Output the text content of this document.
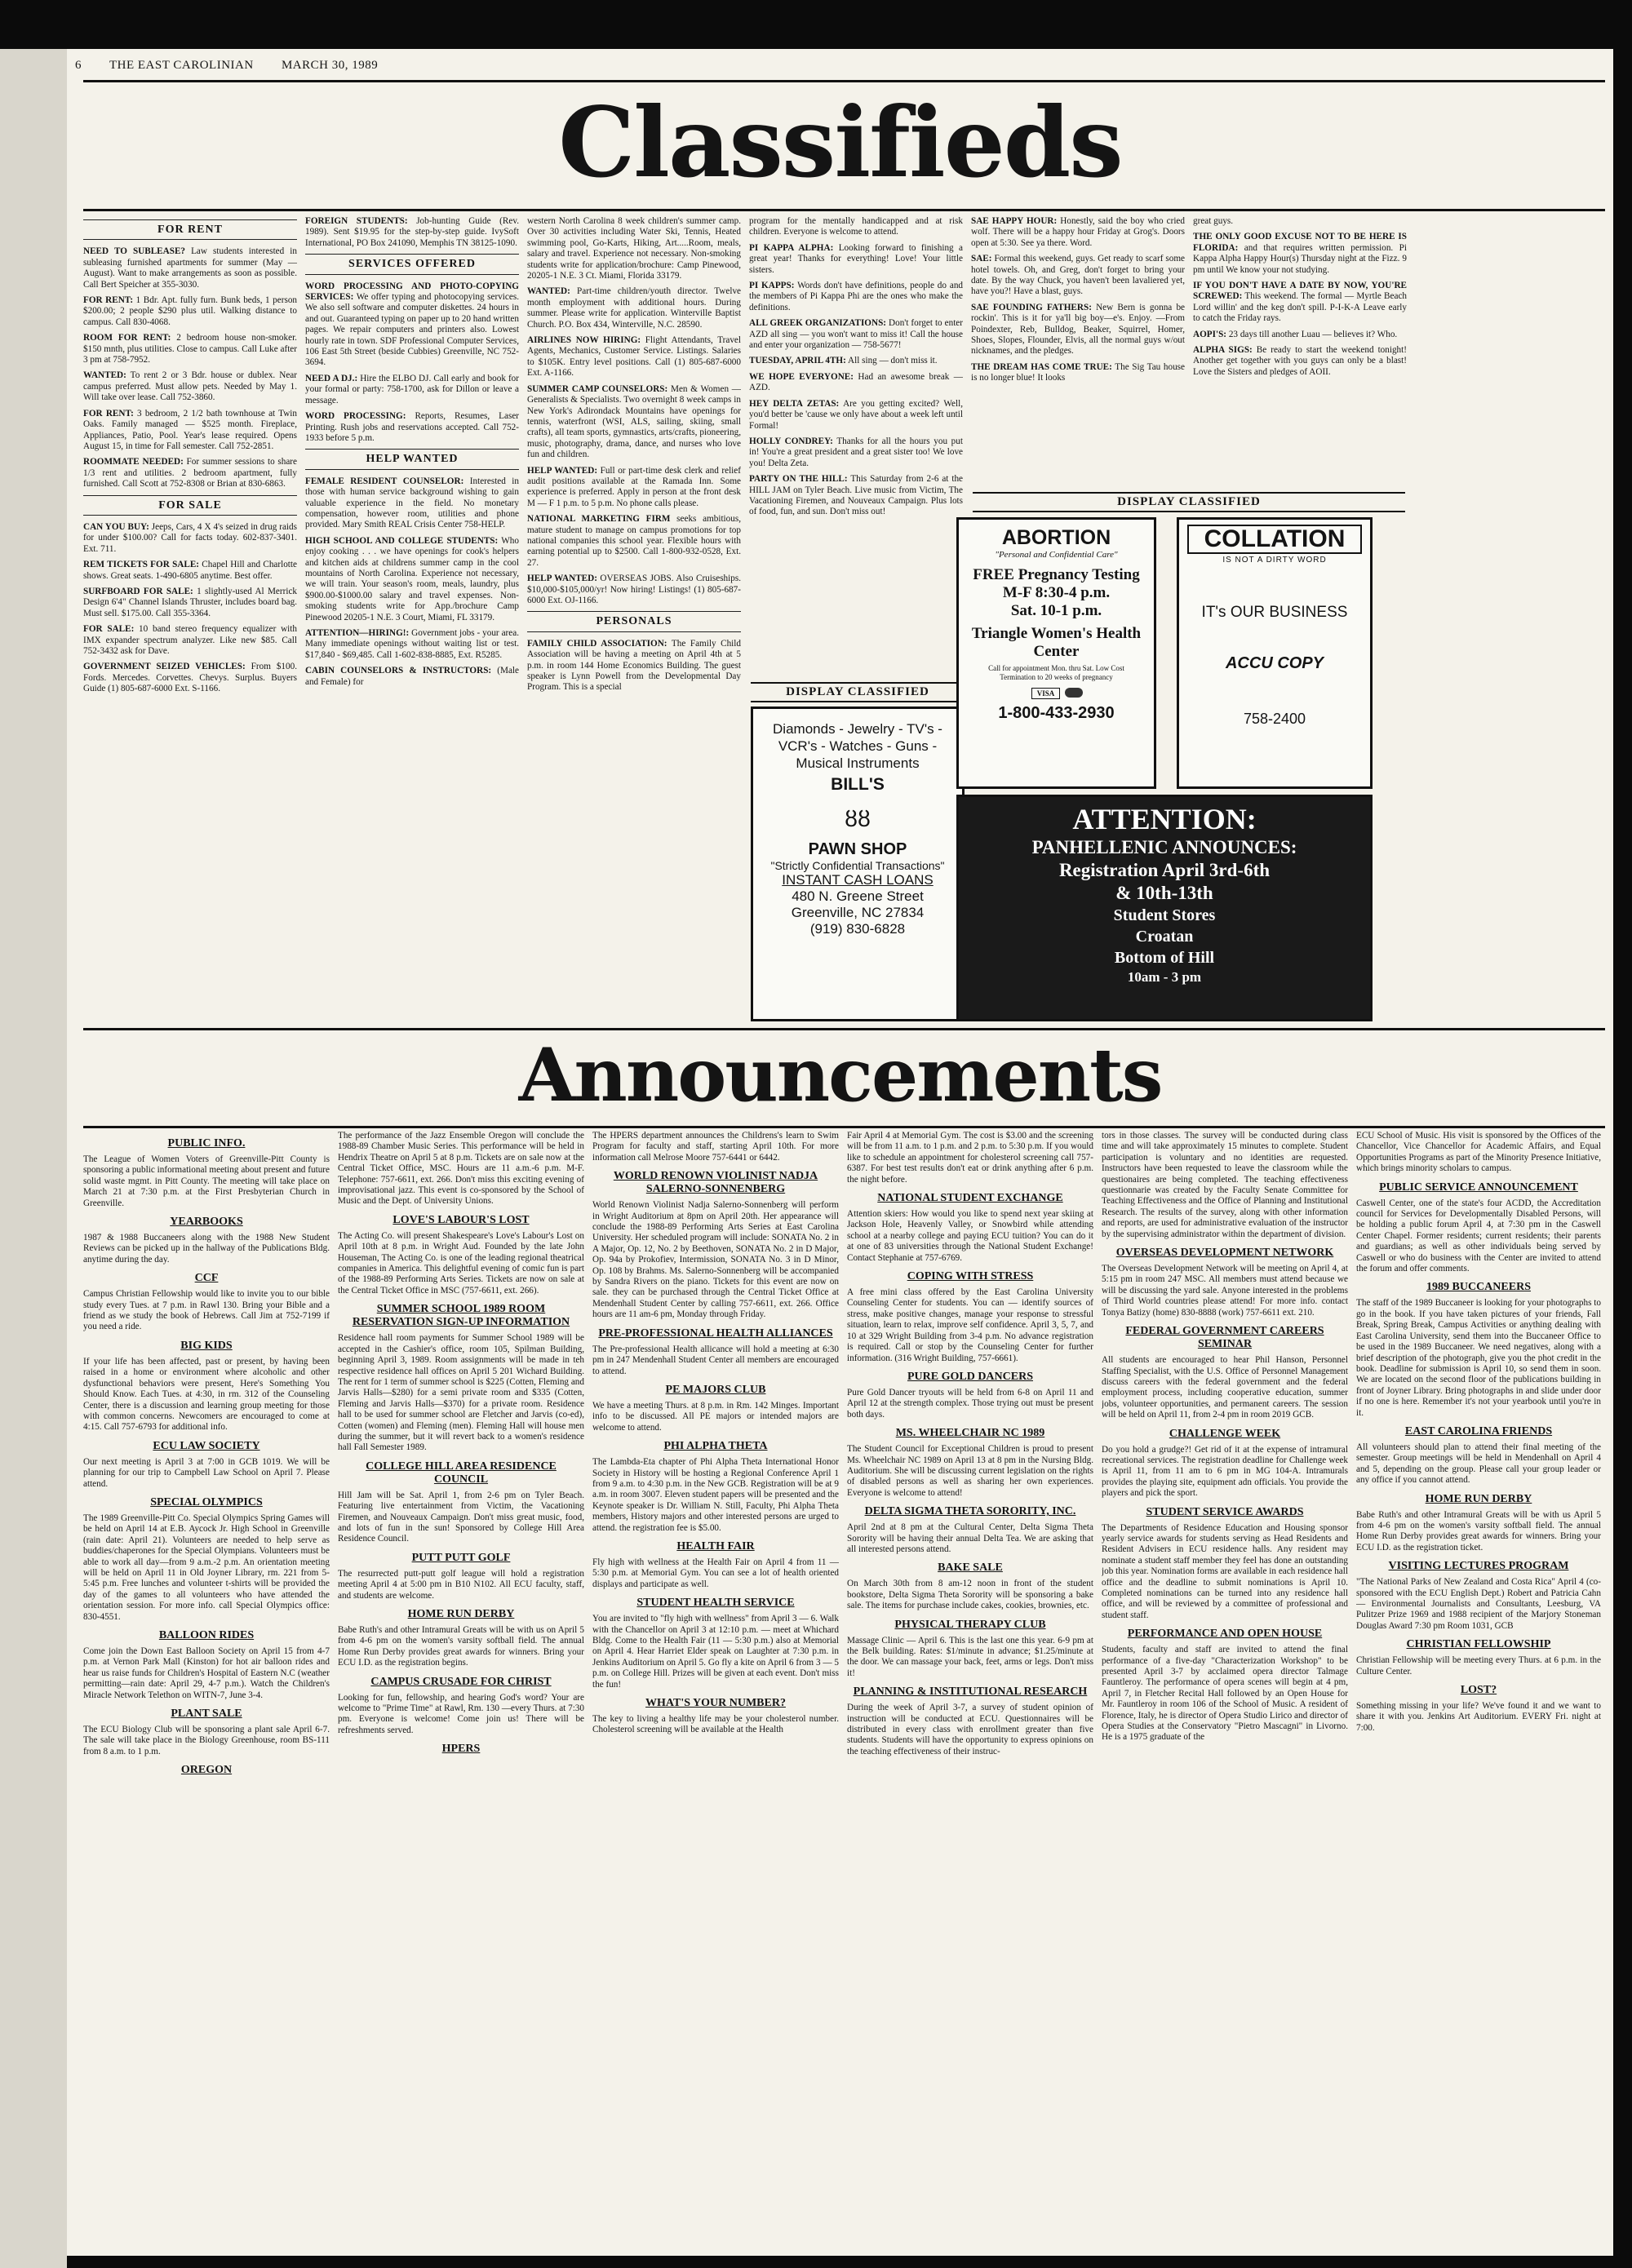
6 THE EAST CAROLINIAN MARCH 30, 1989
Classifieds
FOR RENT

NEED TO SUBLEASE? Law students interested in subleasing furnished apartments for summer (May — August). Want to make arrangements as soon as possible. Call Bert Speicher at 355-3030.

FOR RENT: 1 Bdr. Apt. fully furn. Bunk beds, 1 person $200.00; 2 people $290 plus util. Walking distance to campus. Call 830-4068.

ROOM FOR RENT: 2 bedroom house non-smoker. $150 mnth, plus utilities. Close to campus. Call Luke after 3 pm at 758-7952.

WANTED: To rent 2 or 3 Bdr. house or dublex. Near campus preferred. Must allow pets. Needed by May 1. Will take over lease. Call 752-3860.

FOR RENT: 3 bedroom, 2 1/2 bath townhouse at Twin Oaks. Family managed — $525 month. Fireplace, Appliances, Patio, Pool. Year's lease required. Opens August 15, in time for Fall semester. Call 752-2851.

ROOMMATE NEEDED: For summer sessions to share 1/3 rent and utilities. 2 bedroom apartment, fully furnished. Call Scott at 752-8308 or Brian at 830-6863.

FOR SALE

CAN YOU BUY: Jeeps, Cars, 4 X 4's seized in drug raids for under $100.00? Call for facts today. 602-837-3401. Ext. 711.

REM TICKETS FOR SALE: Chapel Hill and Charlotte shows. Great seats. 1-490-6805 anytime. Best offer.

SURFBOARD FOR SALE: 1 slightly-used Al Merrick Design 6'4" Channel Islands Thruster, includes board bag. Must sell. $175.00. Call 355-3364.

FOR SALE: 10 band stereo frequency equalizer with IMX expander spectrum analyzer. Like new $85. Call 752-3432 ask for Dave.

GOVERNMENT SEIZED VEHICLES: From $100. Fords. Mercedes. Corvettes. Chevys. Surplus. Buyers Guide (1) 805-687-6000 Ext. S-1166.

FOREIGN STUDENTS: Job-hunting Guide (Rev. 1989). Sent $19.95 for the step-by-step guide. IvySoft International, PO Box 241090, Memphis TN 38125-1090.

SERVICES OFFERED

WORD PROCESSING AND PHOTO-COPYING SERVICES: We offer typing and photocopying services. We also sell software and computer diskettes. 24 hours in and out. Guaranteed typing on paper up to 20 hand written pages. We repair computers and printers also. Lowest hourly rate in town. SDF Professional Computer Services, 106 East 5th Street (beside Cubbies) Greenville, NC 752-3694.

NEED A DJ.: Hire the ELBO DJ. Call early and book for your formal or party: 758-1700, ask for Dillon or leave a message.

WORD PROCESSING: Reports, Resumes, Laser Printing. Rush jobs and reservations accepted. Call 752-1933 before 5 p.m.

HELP WANTED

FEMALE RESIDENT COUNSELOR: Interested in those with human service background wishing to gain valuable experience in the field. No monetary compensation, however room, utilities and phone provided. Mary Smith REAL Crisis Center 758-HELP.

HIGH SCHOOL AND COLLEGE STUDENTS: Who enjoy cooking . . . we have openings for cook's helpers and kitchen aids at childrens summer camp in the cool mountains of North Carolina. Experience not necessary, we will train. Your season's room, meals, laundry, plus $900.00-$1000.00 salary and travel expenses. Non-smoking students write for App./brochure Camp Pinewood 20205-1 N.E. 3 Court, Miami, FL 33179.

ATTENTION—HIRING!: Government jobs - your area. Many immediate openings without waiting list or test. $17,840 - $69,485. Call 1-602-838-8885, Ext. R5285.

CABIN COUNSELORS & INSTRUCTORS: (Male and Female) for

western North Carolina 8 week children's summer camp. Over 30 activities including Water Ski, Tennis, Heated swimming pool, Go-Karts, Hiking, Art.....Room, meals, salary and travel. Experience not necessary. Non-smoking students write for application/brochure: Camp Pinewood, 20205-1 N.E. 3 Ct. Miami, Florida 33179.

WANTED: Part-time children/youth director. Twelve month employment with additional hours. During summer. Please write for application. Winterville Baptist Church. P.O. Box 434, Winterville, N.C. 28590.

AIRLINES NOW HIRING: Flight Attendants, Travel Agents, Mechanics, Customer Service. Listings. Salaries to $105K. Entry level positions. Call (1) 805-687-6000 Ext. A-1166.

SUMMER CAMP COUNSELORS: Men & Women — Generalists & Specialists. Two overnight 8 week camps in New York's Adirondack Mountains have openings for tennis, waterfront (WSI, ALS, sailing, skiing, small crafts), all team sports, gymnastics, arts/crafts, pioneering, music, photography, drama, dance, and nurses who love fun and children.

HELP WANTED: Full or part-time desk clerk and relief audit positions available at the Ramada Inn. Some experience is preferred. Apply in person at the front desk M — F 1 p.m. to 5 p.m. No phone calls please.

NATIONAL MARKETING FIRM seeks ambitious, mature student to manage on campus promotions for top national companies this school year. Flexible hours with earning potential up to $2500. Call 1-800-932-0528, Ext. 27.

HELP WANTED: OVERSEAS JOBS. Also Cruiseships. $10,000-$105,000/yr! Now hiring! Listings! (1) 805-687-6000 Ext. OJ-1166.

PERSONALS

FAMILY CHILD ASSOCIATION: The Family Child Association will be having a meeting on April 4th at 5 p.m. in room 144 Home Economics Building. The guest speaker is Lynn Powell from the Developmental Day Program. This is a special

program for the mentally handicapped and at risk children. Everyone is welcome to attend.

PI KAPPA ALPHA: Looking forward to finishing a great year! Thanks for everything! Love! Your little sisters.

PI KAPPS: Words don't have definitions, people do and the members of Pi Kappa Phi are the ones who make the definitions.

ALL GREEK ORGANIZATIONS: Don't forget to enter AZD all sing — you won't want to miss it! Call the house and enter your organization — 758-5677!

TUESDAY, APRIL 4TH: All sing — don't miss it.

WE HOPE EVERYONE: Had an awesome break — AZD.

HEY DELTA ZETAS: Are you getting excited? Well, you'd better be 'cause we only have about a week left until Formal!

HOLLY CONDREY: Thanks for all the hours you put in! You're a great president and a great sister too! We love you! Delta Zeta.

PARTY ON THE HILL: This Saturday from 2-6 at the HILL JAM on Tyler Beach. Live music from Victim, The Vacationing Firemen, and Nouveaux Campaign. Plus lots of food, fun, and sun. Don't miss out!

SAE HAPPY HOUR: Honestly, said the boy who cried wolf. There will be a happy hour Friday at Grog's. Doors open at 5:30. See ya there. Word.

SAE: Formal this weekend, guys. Get ready to scarf some hotel towels. Oh, and Greg, don't forget to bring your date. By the way Chuck, you haven't been lavaliered yet, have you?! Have a blast, guys.

SAE FOUNDING FATHERS: New Bern is gonna be rockin'. This is it for ya'll big boy—e's. Enjoy. —From Poindexter, Reb, Bulldog, Beaker, Squirrel, Homer, Shoes, Slopes, Flounder, Elvis, all the normal guys w/out nicknames, and the pledges.

THE DREAM HAS COME TRUE: The Sig Tau house is no longer blue! It looks

great guys.

THE ONLY GOOD EXCUSE NOT TO BE HERE IS FLORIDA: and that requires written permission. Pi Kappa Alpha Happy Hour(s) Thursday night at the Fizz. 9 pm until We know your not studying.

IF YOU DON'T HAVE A DATE BY NOW, YOU'RE SCREWED: This weekend. The formal — Myrtle Beach Lord willin' and the keg don't spill. P-I-K-A Leave early to catch the Friday rays.

AOPI'S: 23 days till another Luau — believes it? Who.

ALPHA SIGS: Be ready to start the weekend tonight! Another get together with you guys can only be a blast! Love the Sisters and pledges of AOII.

DISPLAY CLASSIFIED
DISPLAY CLASSIFIED
Diamonds - Jewelry - TV's -
VCR's - Watches - Guns -
Musical Instruments
BILL'S
ȣȣ
PAWN SHOP
"Strictly Confidential Transactions"
INSTANT CASH LOANS
480 N. Greene Street
Greenville, NC 27834
(919) 830-6828
ABORTION
"Personal and Confidential Care"
FREE Pregnancy Testing
M-F 8:30-4 p.m.
Sat. 10-1 p.m.
Triangle Women's Health Center
Call for appointment Mon. thru Sat. Low Cost Termination to 20 weeks of pregnancy
VISA
1-800-433-2930
COLLATION
IS NOT A DIRTY WORD
IT's OUR BUSINESS
ACCU COPY
758-2400
ATTENTION:
PANHELLENIC ANNOUNCES:
Registration April 3rd-6th
& 10th-13th
Student Stores
Croatan
Bottom of Hill
10am - 3 pm
Announcements
PUBLIC INFO.

The League of Women Voters of Greenville-Pitt County is sponsoring a public informational meeting about present and future solid waste mgmt. in Pitt County. The meeting will take place on March 21 at 7:30 p.m. at the First Presbyterian Church in Greenville.

YEARBOOKS

1987 & 1988 Buccaneers along with the 1988 New Student Reviews can be picked up in the hallway of the Publications Bldg. anytime during the day.

CCF

Campus Christian Fellowship would like to invite you to our bible study every Tues. at 7 p.m. in Rawl 130. Bring your Bible and a friend as we study the book of Hebrews. Call Jim at 752-7199 if you need a ride.

BIG KIDS

If your life has been affected, past or present, by having been raised in a home or environment where alcoholic and other dysfunctional behaviors were present, Here's Something You Should Know. Each Tues. at 4:30, in rm. 312 of the Counseling Center, there is a discussion and learning group meeting for those with common concerns. Newcomers are encouraged to come at 4:15. Call 757-6793 for additional info.

ECU LAW SOCIETY

Our next meeting is April 3 at 7:00 in GCB 1019. We will be planning for our trip to Campbell Law School on April 7. Please attend.

SPECIAL OLYMPICS

The 1989 Greenville-Pitt Co. Special Olympics Spring Games will be held on April 14 at E.B. Aycock Jr. High School in Greenville (rain date: April 21). Volunteers are needed to help serve as buddies/chaperones for the Special Olympians. Volunteers must be able to work all day—from 9 a.m.-2 p.m. An orientation meeting will be held on April 11 in Old Joyner Library, rm. 221 from 5-5:45 p.m. Free lunches and volunteer t-shirts will be provided the day of the games to all volunteers who have attended the orientation session. For more info. call Special Olympics office: 830-4551.

BALLOON RIDES

Come join the Down East Balloon Society on April 15 from 4-7 p.m. at Vernon Park Mall (Kinston) for hot air balloon rides and hear us raise funds for Children's Hospital of Eastern N.C (weather permitting—rain date: April 29, 4-7 p.m.). Watch the Children's Miracle Network Telethon on WITN-7, June 3-4.

PLANT SALE

The ECU Biology Club will be sponsoring a plant sale April 6-7. The sale will take place in the Biology Greenhouse, room BS-111 from 8 a.m. to 1 p.m.

OREGON

The performance of the Jazz Ensemble Oregon will conclude the 1988-89 Chamber Music Series. This performance will be held in Hendrix Theatre on April 5 at 8 p.m. Tickets are on sale now at the Central Ticket Office, MSC. Hours are 11 a.m.-6 p.m. M-F. Telephone: 757-6611, ext. 266. Don't miss this exciting evening of improvisational jazz. This event is co-sponsored by the School of Music and the Dept. of University Unions.

LOVE'S LABOUR'S LOST

The Acting Co. will present Shakespeare's Love's Labour's Lost on April 10th at 8 p.m. in Wright Aud. Founded by the late John Houseman, The Acting Co. is one of the leading regional theatrical companies in America. This delightful evening of comic fun is part of the 1988-89 Performing Arts Series. Tickets are now on sale at the Central Ticket Office in MSC (757-6611, ext. 266).

SUMMER SCHOOL 1989 ROOM RESERVATION SIGN-UP INFORMATION

Residence hall room payments for Summer School 1989 will be accepted in the Cashier's office, room 105, Spilman Building, beginning April 3, 1989. Room assignments will be made in teh respective residence hall offices on April 5 201 Wichard Building. The rent for 1 term of summer school is $225 (Cotten, Fleming and Jarvis Halls—$280) for a semi private room and $335 (Cotten, Fleming and Jarvis Halls—$370) for a private room. Residence hall to be used for summer school are Fletcher and Jarvis (co-ed), Cotten (women) and Fleming (men). Fleming Hall will house men during the summer, but it will revert back to a women's residence hall Fall Semester 1989.

COLLEGE HILL AREA RESIDENCE COUNCIL

Hill Jam will be Sat. April 1, from 2-6 pm on Tyler Beach. Featuring live entertainment from Victim, the Vacationing Firemen, and Nouveaux Campaign. Don't miss great music, food, and lots of fun in the sun! Sponsored by College Hill Area Residence Council.

PUTT PUTT GOLF

The resurrected putt-putt golf league will hold a registration meeting April 4 at 5:00 pm in B10 N102. All ECU faculty, staff, and students are welcome.

HOME RUN DERBY

Babe Ruth's and other Intramural Greats will be with us on April 5 from 4-6 pm on the women's varsity softball field. The annual Home Run Derby provides great awards for winners. Bring your ECU I.D. as the registration begins.

CAMPUS CRUSADE FOR CHRIST

Looking for fun, fellowship, and hearing God's word? Your are welcome to "Prime Time" at Rawl, Rm. 130 —every Thurs. at 7:30 pm. Everyone is welcome! Come join us! There will be refreshments served.

HPERS

The HPERS department announces the Childrens's learn to Swim Program for faculty and staff, starting April 10th. For more information call Melrose Moore 757-6441 or 6442.

WORLD RENOWN VIOLINIST NADJA SALERNO-SONNENBERG

World Renown Violinist Nadja Salerno-Sonnenberg will perform in Wright Auditorium at 8pm on April 20th. Her appearance will conclude the 1988-89 Performing Arts Series at East Carolina University. Her scheduled program will include: SONATA No. 2 in A Major, Op. 12, No. 2 by Beethoven, SONATA No. 2 in D Major, Op. 94a by Prokofiev, Intermission, SONATA No. 3 in D Minor, Op. 108 by Brahms. Ms. Salerno-Sonnenberg will be accompanied by Sandra Rivers on the piano. Tickets for this event are now on sale. they can be purchased through the Central Ticket Office at Mendenhall Student Center by calling 757-6611, ext. 266. Office hours are 11 am-6 pm, Monday through Friday.

PRE-PROFESSIONAL HEALTH ALLIANCES

The Pre-professional Health allicance will hold a meeting at 6:30 pm in 247 Mendenhall Student Center all members are encouraged to attend.

PE MAJORS CLUB

We have a meeting Thurs. at 8 p.m. in Rm. 142 Minges. Important info to be discussed. All PE majors or intended majors are welcome to attend.

PHI ALPHA THETA

The Lambda-Eta chapter of Phi Alpha Theta International Honor Society in History will be hosting a Regional Conference April 1 from 9 a.m. to 4:30 p.m. in the New GCB. Registration will be at 9 a.m. in room 3007. Eleven student papers will be presented and the Keynote speaker is Dr. William N. Still, Faculty, Phi Alpha Theta members, History majors and other interested persons are urged to attend. the registration fee is $5.00.

HEALTH FAIR

Fly high with wellness at the Health Fair on April 4 from 11 — 5:30 p.m. at Memorial Gym. You can see a lot of health oriented displays and participate as well.

STUDENT HEALTH SERVICE

You are invited to "fly high with wellness" from April 3 — 6. Walk with the Chancellor on April 3 at 12:10 p.m. — meet at Whichard Bldg. Come to the Health Fair (11 — 5:30 p.m.) also at Memorial on April 4. Hear Harriet Elder speak on Laughter at 7:30 p.m. in Jenkins Auditorium on April 5. Go fly a kite on April 6 from 3 — 5 p.m. on College Hill. Prizes will be given at each event. Don't miss the fun!

WHAT'S YOUR NUMBER?

The key to living a healthy life may be your cholesterol number. Cholesterol screening will be available at the Health

Fair April 4 at Memorial Gym. The cost is $3.00 and the screening will be from 11 a.m. to 1 p.m. and 2 p.m. to 5:30 p.m. If you would like to schedule an appointment for cholesterol screening call 757-6387. For best test results don't eat or drink anything after 6 p.m. the night before.

NATIONAL STUDENT EXCHANGE

Attention skiers: How would you like to spend next year skiing at Jackson Hole, Heavenly Valley, or Snowbird while attending school at a nearby college and paying ECU tuition? You can do it at one of 83 universities through the National Student Exchange! Contact Stephanie at 757-6769.

COPING WITH STRESS

A free mini class offered by the East Carolina University Counseling Center for students. You can — identify sources of stress, make positive changes, manage your response to stressful situation, learn to relax, improve self confidence. April 3, 5, 7, and 10 at 329 Wright Building from 3-4 p.m. No advance registration is required. Call or stop by the Counseling Center for further information. (316 Wright Building, 757-6661).

PURE GOLD DANCERS

Pure Gold Dancer tryouts will be held from 6-8 on April 11 and April 12 at the strength complex. Those trying out must be present both days.

MS. WHEELCHAIR NC 1989

The Student Council for Exceptional Children is proud to present Ms. Wheelchair NC 1989 on April 13 at 8 pm in the Nursing Bldg. Auditorium. She will be discussing current legislation on the rights of disabled persons as well as sharing her own experiences. Everyone is welcome to attend!

DELTA SIGMA THETA SORORITY, INC.

April 2nd at 8 pm at the Cultural Center, Delta Sigma Theta Sorority will be having their annual Delta Tea. We are asking that all interested persons attend.

BAKE SALE

On March 30th from 8 am-12 noon in front of the student bookstore, Delta Sigma Theta Sorority will be sponsoring a bake sale. The items for purchase include cakes, cookies, brownies, etc.

PHYSICAL THERAPY CLUB

Massage Clinic — April 6. This is the last one this year. 6-9 pm at the Belk building. Rates: $1/minute in advance; $1.25/minute at the door. We can massage your back, feet, arms or legs. Don't miss it!

PLANNING & INSTITUTIONAL RESEARCH

During the week of April 3-7, a survey of student opinion of instruction will be conducted at ECU. Questionnaires will be distributed in every class with enrollment greater than five students. Students will have the opportunity to express opinions on the teaching effectiveness of their instruc-

tors in those classes. The survey will be conducted during class time and will take approximately 15 minutes to complete. Student participation is voluntary and no identities are requested. Instructors have been requested to leave the classroom while the questionaires are being completed. The teaching effectiveness questionnarie was created by the Faculty Senate Committee for Teaching Effectiveness and the Office of Planning and Institutional Research. The results of the survey, along with other information and reports, are used for administrative evaluation of the instructor by the supervising administrator within the department of division.

OVERSEAS DEVELOPMENT NETWORK

The Overseas Development Network will be meeting on April 4, at 5:15 pm in room 247 MSC. All members must attend because we will be discussing the yard sale. Anyone interested in the problems of Third World countries please attend! For more info. contact Tonya Batizy (home) 830-8888 (work) 757-6611 ext. 210.

FEDERAL GOVERNMENT CAREERS SEMINAR

All students are encouraged to hear Phil Hanson, Personnel Staffing Specialist, with the U.S. Office of Personnel Management discuss careers with the federal government and the federal employment process, including cooperative education, summer jobs, volunteer opportunities, and permanent careers. The session will be held on April 11, from 2-4 pm in room 2019 GCB.

CHALLENGE WEEK

Do you hold a grudge?! Get rid of it at the expense of intramural recreational services. The registration deadline for Challenge week is April 11, from 11 am to 6 pm in MG 104-A. Intramurals provides the playing site, equipment adn officials. You provide the players and pick the sport.

STUDENT SERVICE AWARDS

The Departments of Residence Education and Housing sponsor yearly service awards for students serving as Head Residents and Resident Advisers in ECU residence halls. Any resident may nominate a student staff member they feel has done an outstanding job this year. Nomination forms are available in each residence hall office and the deadline to submit nominations is April 10. Completed nominations can be turned into any residence hall office, and will be reviewed by a committee of professional and student staff.

PERFORMANCE AND OPEN HOUSE

Students, faculty and staff are invited to attend the final performance of a five-day "Characterization Workshop" to be presented April 3-7 by acclaimed opera director Talmage Fauntleroy. The performance of opera scenes will begin at 4 pm, April 7, in Fletcher Recital Hall followed by an Open House for Mr. Fauntleroy in room 106 of the School of Music. A resident of Florence, Italy, he is director of Opera Studio Lirico and director of Opera Studies at the Conservatory "Pietro Mascagni" in Livorno. He is a 1975 graduate of the

ECU School of Music. His visit is sponsored by the Offices of the Chancellor, Vice Chancellor for Academic Affairs, and Equal Opportunities Programs as part of the Minority Presence Initiative, which brings minority scholars to campus.

PUBLIC SERVICE ANNOUNCEMENT

Caswell Center, one of the state's four ACDD, the Accreditation council for Services for Developmentally Disabled Persons, will be holding a public forum April 4, at 7:30 pm in the Caswell Center Chapel. Former residents; current residents; their parents and guardians; as well as other individuals being served by Caswell or who do business with the Center are invited to attend the forum and offer comments.

1989 BUCCANEERS

The staff of the 1989 Buccaneer is looking for your photographs to go in the book. If you have taken pictures of your friends, Fall Break, Spring Break, Campus Activities or anything dealing with East Carolina University, send them into the Buccaneer Office to be used in the 1989 Buccaneer. We need negatives, along with a brief description of the photograph, give you the phot credit in the book. Deadline for submission is April 10, so send them in soon. We are located on the second floor of the publications building in front of Joyner Library. Bring photographs in and slide under door if no one is here. Remember it's not your yearbook until you're in it.

EAST CAROLINA FRIENDS

All volunteers should plan to attend their final meeting of the semester. Group meetings will be held in Mendenhall on April 4 and 5, depending on the group. Please call your group leader or any office if you cannot attend.

HOME RUN DERBY

Babe Ruth's and other Intramural Greats will be with us April 5 from 4-6 pm on the women's varsity softball field. The annual Home Run Derby provides great awards for winners. Bring your ECU I.D. as the registration ticket.

VISITING LECTURES PROGRAM

"The National Parks of New Zealand and Costa Rica" April 4 (co-sponsored with the ECU English Dept.) Robert and Patricia Cahn — Environmental Journalists and Consultants, Leesburg, VA Pulitzer Prize 1969 and 1988 recipient of the Marjory Stoneman Douglas Award 7:30 pm Room 1031, GCB

CHRISTIAN FELLOWSHIP

Christian Fellowship will be meeting every Thurs. at 6 p.m. in the Culture Center.

LOST?

Something missing in your life? We've found it and we want to share it with you. Jenkins Art Auditorium. EVERY Fri. night at 7:00.
